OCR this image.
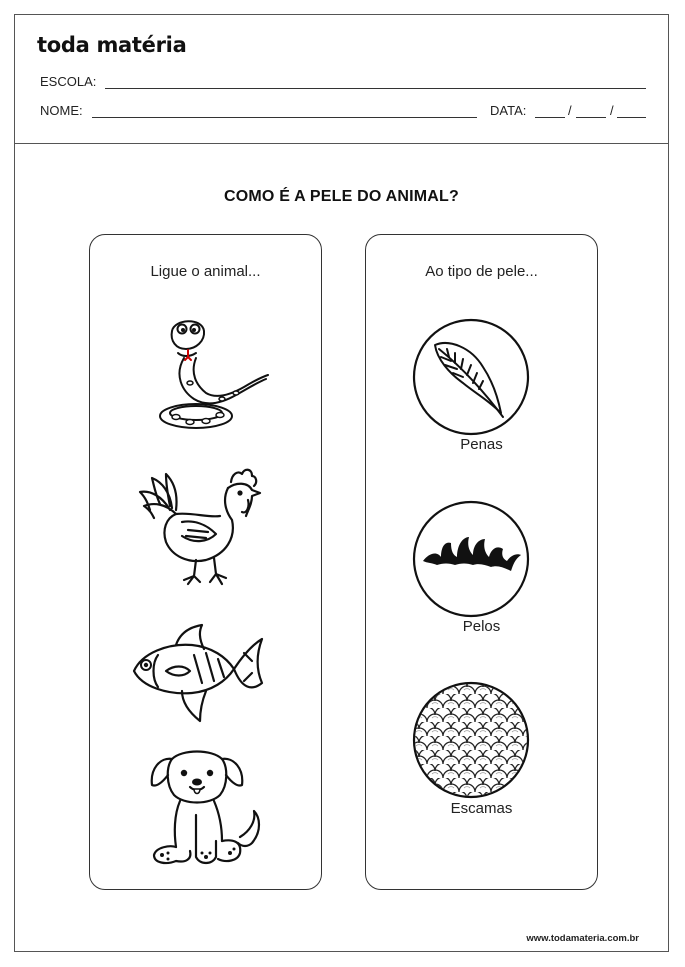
toda matéria
ESCOLA:
NOME:	DATA:	/	/
COMO É A PELE DO ANIMAL?
Ligue o animal...	Ao tipo de pele...
Penas
Pelos
Escamas
www.todamateria.com.br
